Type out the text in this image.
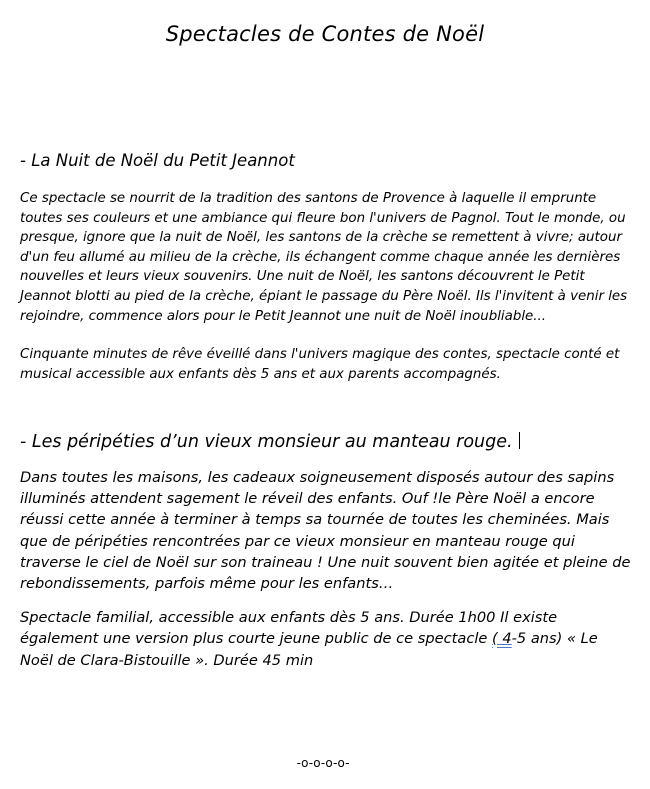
Spectacles de Contes de Noël
- La Nuit de Noël du Petit Jeannot

Ce spectacle se nourrit de la tradition des santons de Provence à laquelle il emprunte toutes ses couleurs et une ambiance qui fleure bon l'univers de Pagnol. Tout le monde, ou presque, ignore que la nuit de Noël, les santons de la crèche se remettent à vivre; autour d'un feu allumé au milieu de la crèche, ils échangent comme chaque année les dernières nouvelles et leurs vieux souvenirs. Une nuit de Noël, les santons découvrent le Petit Jeannot blotti au pied de la crèche, épiant le passage du Père Noël. Ils l'invitent à venir les rejoindre, commence alors pour le Petit Jeannot une nuit de Noël inoubliable...

Cinquante minutes de rêve éveillé dans l'univers magique des contes, spectacle conté et musical accessible aux enfants dès 5 ans et aux parents accompagnés.

- Les péripéties d’un vieux monsieur au manteau rouge.

Dans toutes les maisons, les cadeaux soigneusement disposés autour des sapins illuminés attendent sagement le réveil des enfants. Ouf !le Père Noël a encore réussi cette année à terminer à temps sa tournée de toutes les cheminées. Mais que de péripéties rencontrées par ce vieux monsieur en manteau rouge qui traverse le ciel de Noël sur son traineau ! Une nuit souvent bien agitée et pleine de rebondissements, parfois même pour les enfants…

Spectacle familial, accessible aux enfants dès 5 ans. Durée 1h00 Il existe également une version plus courte jeune public de ce spectacle ( 4-5 ans) « Le Noël de Clara-Bistouille ». Durée 45 min

-o-o-o-o-
